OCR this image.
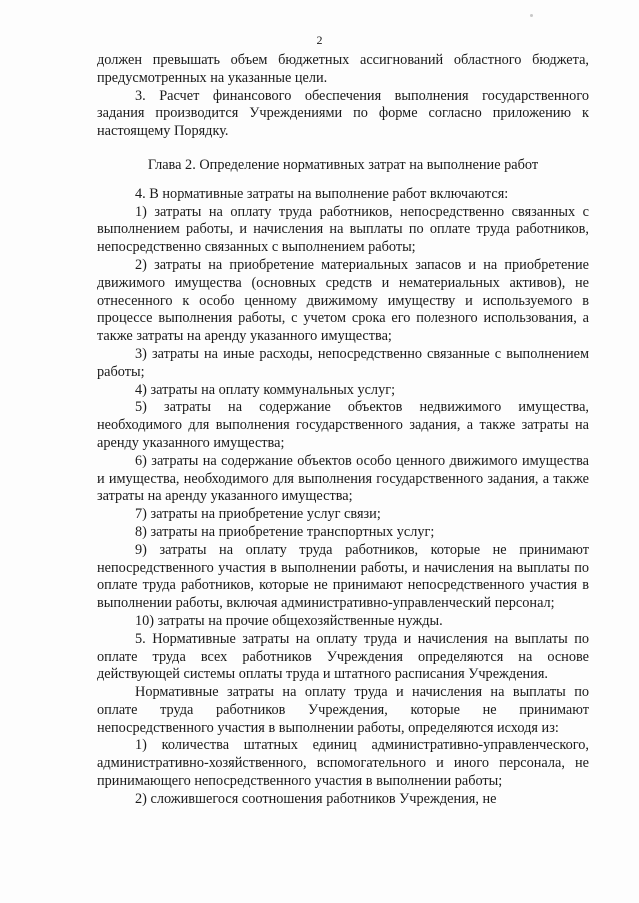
2

должен превышать объем бюджетных ассигнований областного бюджета, предусмотренных на указанные цели.

3. Расчет финансового обеспечения выполнения государственного задания производится Учреждениями по форме согласно приложению к настоящему Порядку.

Глава 2. Определение нормативных затрат на выполнение работ

4. В нормативные затраты на выполнение работ включаются:

1) затраты на оплату труда работников, непосредственно связанных с выполнением работы, и начисления на выплаты по оплате труда работников, непосредственно связанных с выполнением работы;

2) затраты на приобретение материальных запасов и на приобретение движимого имущества (основных средств и нематериальных активов), не отнесенного к особо ценному движимому имуществу и используемого в процессе выполнения работы, с учетом срока его полезного использования, а также затраты на аренду указанного имущества;

3) затраты на иные расходы, непосредственно связанные с выполнением работы;

4) затраты на оплату коммунальных услуг;

5) затраты на содержание объектов недвижимого имущества, необходимого для выполнения государственного задания, а также затраты на аренду указанного имущества;

6) затраты на содержание объектов особо ценного движимого имущества и имущества, необходимого для выполнения государственного задания, а также затраты на аренду указанного имущества;

7) затраты на приобретение услуг связи;

8) затраты на приобретение транспортных услуг;

9) затраты на оплату труда работников, которые не принимают непосредственного участия в выполнении работы, и начисления на выплаты по оплате труда работников, которые не принимают непосредственного участия в выполнении работы, включая административно-управленческий персонал;

10) затраты на прочие общехозяйственные нужды.

5. Нормативные затраты на оплату труда и начисления на выплаты по оплате труда всех работников Учреждения определяются на основе действующей системы оплаты труда и штатного расписания Учреждения.

Нормативные затраты на оплату труда и начисления на выплаты по оплате труда работников Учреждения, которые не принимают непосредственного участия в выполнении работы, определяются исходя из:

1) количества штатных единиц административно-управленческого, административно-хозяйственного, вспомогательного и иного персонала, не принимающего непосредственного участия в выполнении работы;

2) сложившегося соотношения работников Учреждения, не
